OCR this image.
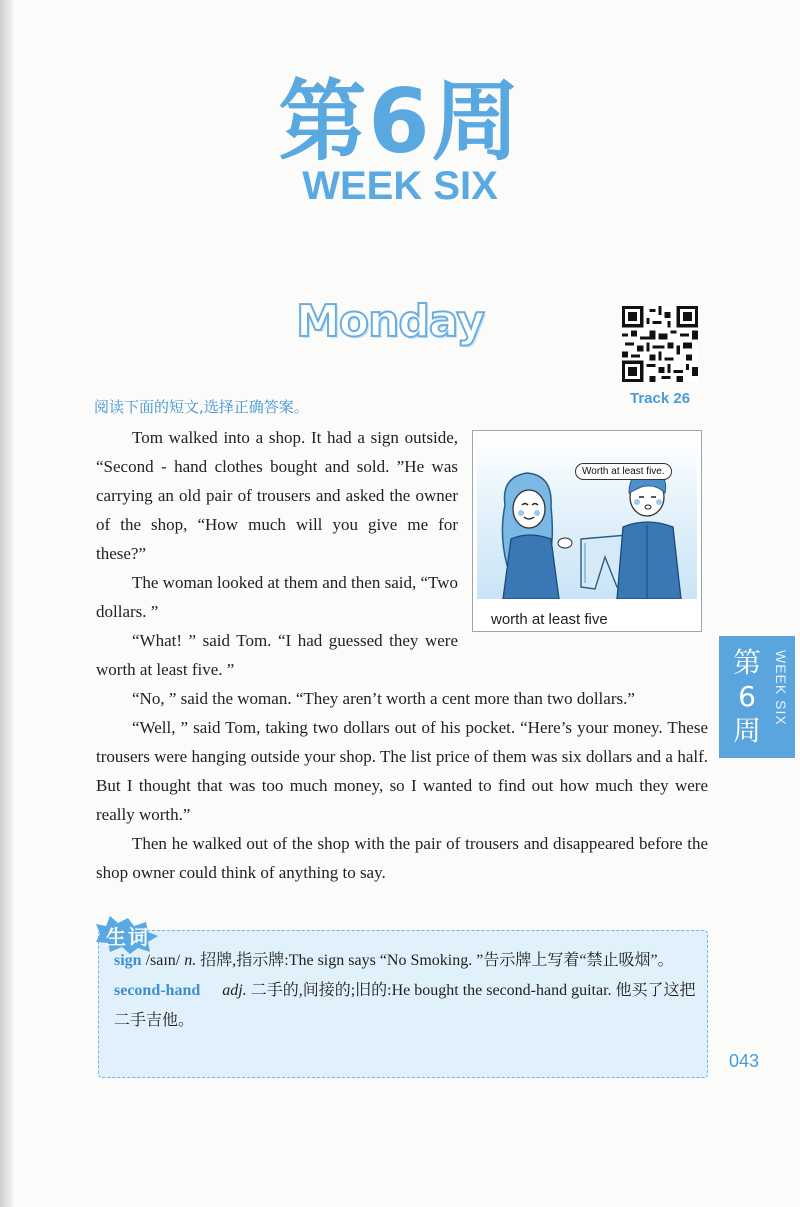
第6周
WEEK SIX
Monday
Track 26
阅读下面的短文,选择正确答案。

Tom walked into a shop. It had a sign outside, “Second - hand clothes bought and sold. ”He was carrying an old pair of trousers and asked the owner of the shop, “How much will you give me for these?”

The woman looked at them and then said, “Two dollars. ”

“What! ” said Tom. “I had guessed they were worth at least five. ”

“No, ” said the woman. “They aren’t worth a cent more than two dollars.”

“Well, ” said Tom, taking two dollars out of his pocket. “Here’s your money. These trousers were hanging outside your shop. The list price of them was six dollars and a half. But I thought that was too much money, so I wanted to find out how much they were really worth.”

Then he walked out of the shop with the pair of trousers and disappeared before the shop owner could think of anything to say.

Worth at least five.
worth at least five
第6周
WEEK SIX
生词

sign /saɪn/ n. 招牌,指示牌:The sign says “No Smoking. ”告示牌上写着“禁止吸烟”。

second-hand adj. 二手的,间接的;旧的:He bought the second-hand guitar. 他买了这把二手吉他。

043
